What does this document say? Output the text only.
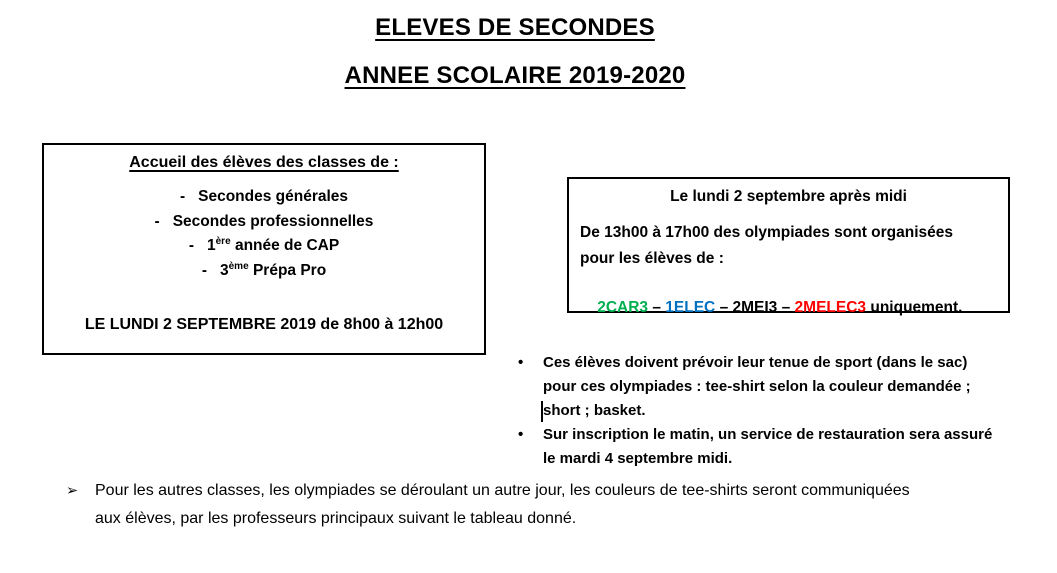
ELEVES DE SECONDES
ANNEE SCOLAIRE 2019-2020
Accueil des élèves des classes de :
- Secondes générales
- Secondes professionnelles
- 1ère année de CAP
- 3ème Prépa Pro
LE LUNDI 2 SEPTEMBRE 2019 de 8h00 à 12h00
Le lundi 2 septembre après midi
De 13h00 à 17h00 des olympiades sont organisées
pour les élèves de :

2CAR3 – 1ELEC – 2MEI3 – 2MELEC3 uniquement.

•	Ces élèves doivent prévoir leur tenue de sport (dans le sac)
pour ces olympiades : tee-shirt selon la couleur demandée ;
short ; basket.
•	Sur inscription le matin, un service de restauration sera assuré
le mardi 4 septembre midi.
➢	Pour les autres classes, les olympiades se déroulant un autre jour, les couleurs de tee-shirts seront communiquées
aux élèves, par les professeurs principaux suivant le tableau donné.
